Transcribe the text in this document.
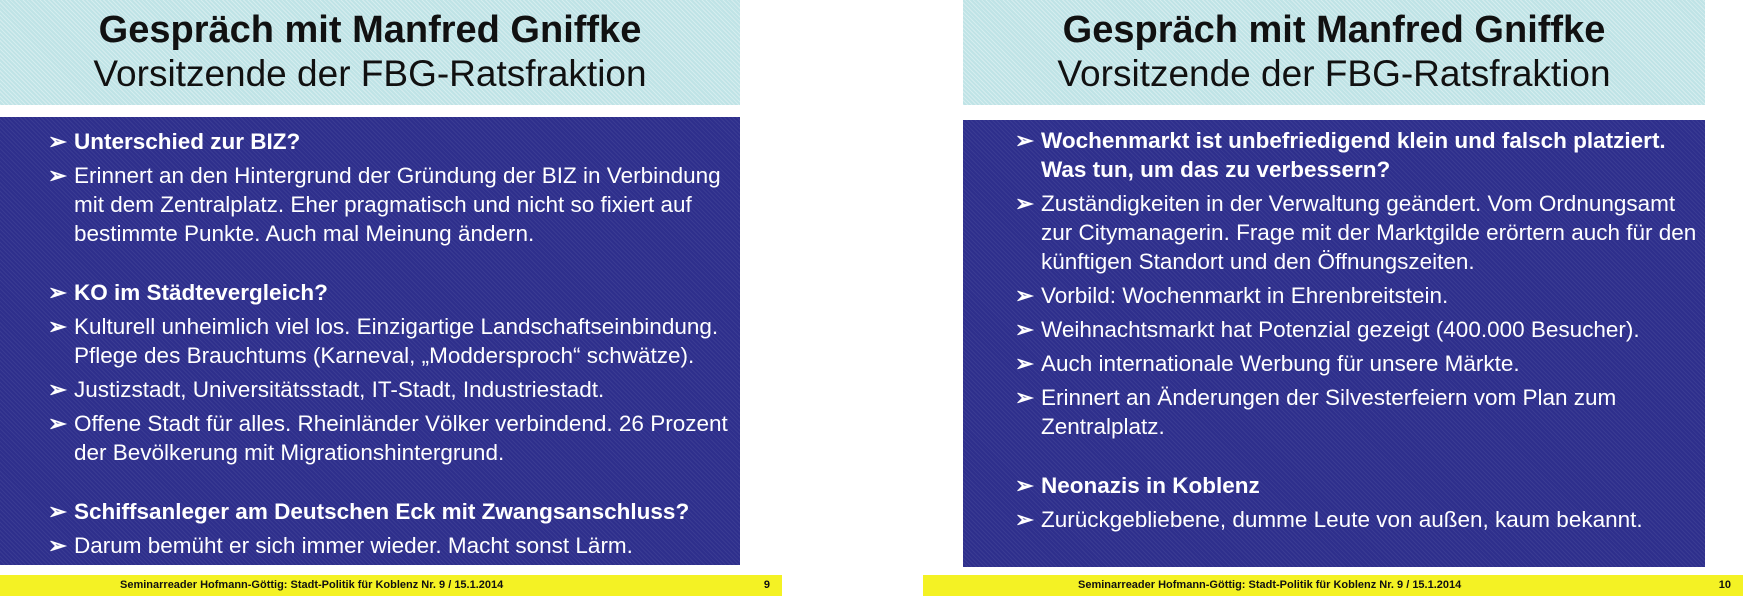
Gespräch mit Manfred Gniffke
Vorsitzende der FBG-Ratsfraktion
➢ Unterschied zur BIZ?
➢ Erinnert an den Hintergrund der Gründung der BIZ in Verbindung mit dem Zentralplatz. Eher pragmatisch und nicht so fixiert auf bestimmte Punkte. Auch mal Meinung ändern.
➢ KO im Städtevergleich?
➢ Kulturell unheimlich viel los. Einzigartige Landschaftseinbindung. Pflege des Brauchtums (Karneval, „Moddersproch“ schwätze).
➢ Justizstadt, Universitätsstadt, IT-Stadt, Industriestadt.
➢ Offene Stadt für alles. Rheinländer Völker verbindend. 26 Prozent der Bevölkerung mit Migrationshintergrund.
➢ Schiffsanleger am Deutschen Eck mit Zwangsanschluss?
➢ Darum bemüht er sich immer wieder. Macht sonst Lärm.
Seminarreader Hofmann-Göttig: Stadt-Politik für Koblenz Nr. 9 / 15.1.2014	9
Gespräch mit Manfred Gniffke
Vorsitzende der FBG-Ratsfraktion
➢ Wochenmarkt ist unbefriedigend klein und falsch platziert. Was tun, um das zu verbessern?
➢ Zuständigkeiten in der Verwaltung geändert. Vom Ordnungsamt zur Citymanagerin. Frage mit der Marktgilde erörtern auch für den künftigen Standort und den Öffnungszeiten.
➢ Vorbild: Wochenmarkt in Ehrenbreitstein.
➢ Weihnachtsmarkt hat Potenzial gezeigt (400.000 Besucher).
➢ Auch internationale Werbung für unsere Märkte.
➢ Erinnert an Änderungen der Silvesterfeiern vom Plan zum Zentralplatz.
➢ Neonazis in Koblenz
➢ Zurückgebliebene, dumme Leute von außen, kaum bekannt.
Seminarreader Hofmann-Göttig: Stadt-Politik für Koblenz Nr. 9 / 15.1.2014	10
